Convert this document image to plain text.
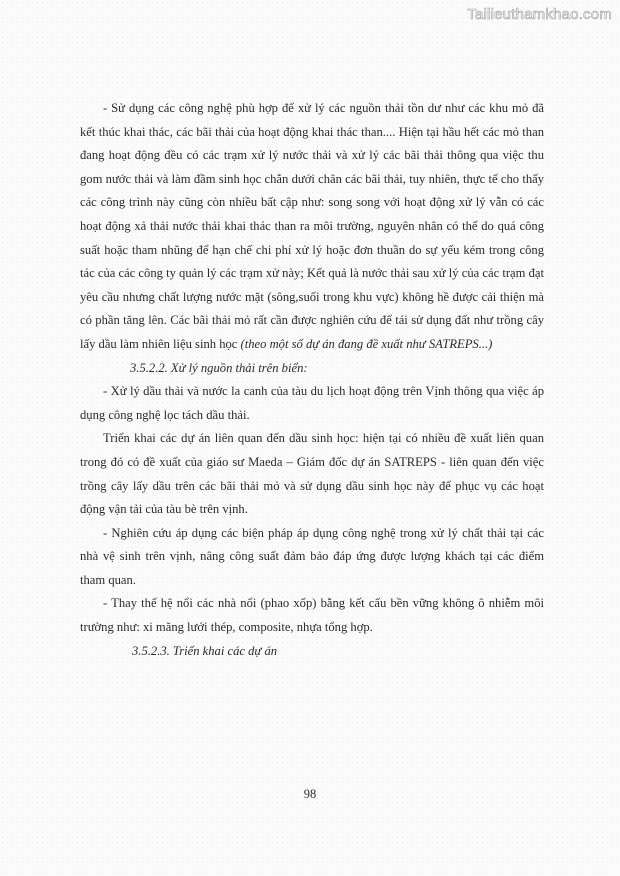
Tailieuthamkhao.com

- Sử dụng các công nghệ phù hợp để xử lý các nguồn thải tồn dư như các khu mỏ đã kết thúc khai thác, các bãi thải của hoạt động khai thác than.... Hiện tại hầu hết các mỏ than đang hoạt động đều có các trạm xử lý nước thải và xử lý các bãi thải thông qua việc thu gom nước thải và làm đầm sinh học chắn dưới chân các bãi thải, tuy nhiên, thực tế cho thấy các công trình này cũng còn nhiều bất cập như: song song với hoạt động xử lý vẫn có các hoạt động xả thải nước thải khai thác than ra môi trường, nguyên nhân có thể do quá công suất hoặc tham nhũng để hạn chế chi phí xử lý hoặc đơn thuần do sự yếu kém trong công tác của các công ty quản lý các trạm xử này; Kết quả là nước thải sau xử lý của các trạm đạt yêu cầu nhưng chất lượng nước mặt (sông,suối trong khu vực) không hề được cải thiện mà có phần tăng lên. Các bãi thải mỏ rất cần được nghiên cứu để tái sử dụng đất như trồng cây lấy dầu làm nhiên liệu sinh học (theo một số dự án đang đề xuất như SATREPS...)

3.5.2.2. Xử lý nguồn thải trên biển:

- Xử lý dầu thải và nước la canh của tàu du lịch hoạt động trên Vịnh thông qua việc áp dụng công nghệ lọc tách dầu thải.

Triển khai các dự án liên quan đến dầu sinh học: hiện tại có nhiều đề xuất liên quan trong đó có đề xuất của giáo sư Maeda – Giám đốc dự án SATREPS - liên quan đến việc trồng cây lấy dầu trên các bãi thải mỏ và sử dụng dầu sinh học này để phục vụ các hoạt động vận tải của tàu bè trên vịnh.

- Nghiên cứu áp dụng các biện pháp áp dụng công nghệ trong xử lý chất thải tại các nhà vệ sinh trên vịnh, nâng công suất đảm bảo đáp ứng được lượng khách tại các điểm tham quan.

- Thay thế hệ nổi các nhà nổi (phao xốp) bằng kết cấu bền vững không ô nhiễm môi trường như: xi măng lưới thép, composite, nhựa tổng hợp.

3.5.2.3. Triển khai các dự án

98
